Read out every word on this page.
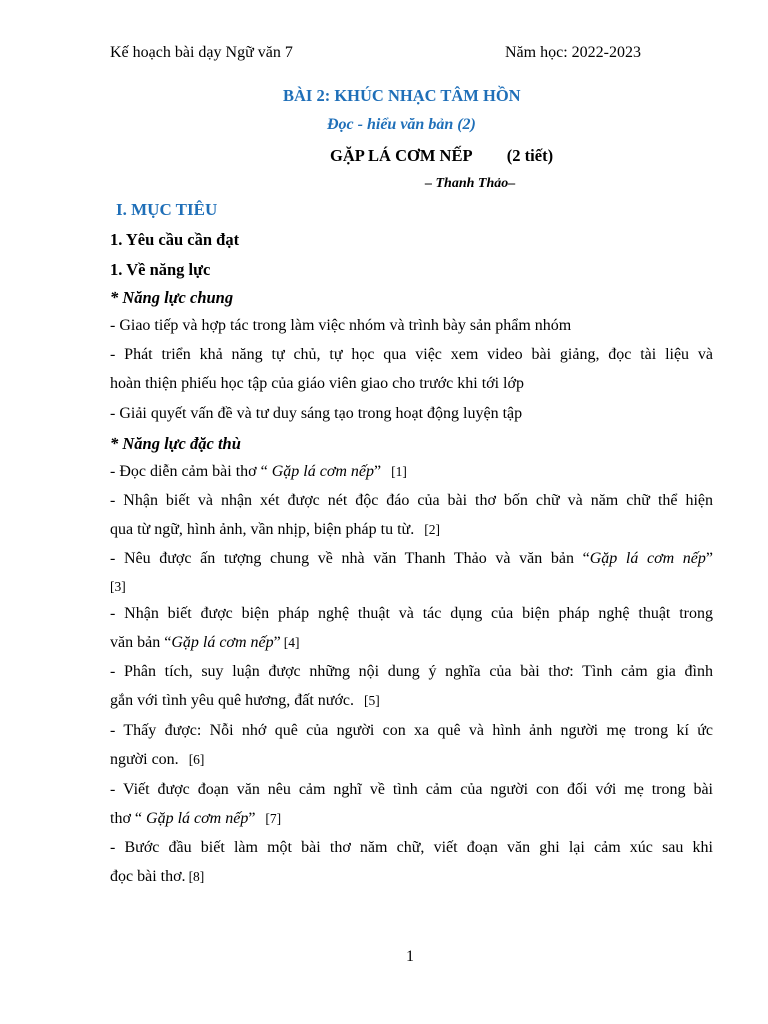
Kế hoạch bài dạy Ngữ văn 7	Năm học: 2022-2023
BÀI 2: KHÚC NHẠC TÂM HỒN
Đọc - hiểu văn bản (2)
GẶP LÁ CƠM NẾP (2 tiết)
– Thanh Thảo–
I. MỤC TIÊU
1. Yêu cầu cần đạt
1. Về năng lực
* Năng lực chung
- Giao tiếp và hợp tác trong làm việc nhóm và trình bày sản phẩm nhóm
- Phát triển khả năng tự chủ, tự học qua việc xem video bài giảng, đọc tài liệu và
hoàn thiện phiếu học tập của giáo viên giao cho trước khi tới lớp
- Giải quyết vấn đề và tư duy sáng tạo trong hoạt động luyện tập
* Năng lực đặc thù
- Đọc diễn cảm bài thơ “ Gặp lá cơm nếp” [1]
- Nhận biết và nhận xét được nét độc đáo của bài thơ bốn chữ và năm chữ thể hiện
qua từ ngữ, hình ảnh, vần nhịp, biện pháp tu từ. [2]
- Nêu được ấn tượng chung về nhà văn Thanh Thảo và văn bản “Gặp lá cơm nếp”
[3]
- Nhận biết được biện pháp nghệ thuật và tác dụng của biện pháp nghệ thuật trong
văn bản “Gặp lá cơm nếp” [4]
- Phân tích, suy luận được những nội dung ý nghĩa của bài thơ: Tình cảm gia đình
gắn với tình yêu quê hương, đất nước. [5]
- Thấy được: Nỗi nhớ quê của người con xa quê và hình ảnh người mẹ trong kí ức
người con. [6]
- Viết được đoạn văn nêu cảm nghĩ về tình cảm của người con đối với mẹ trong bài
thơ “ Gặp lá cơm nếp” [7]
- Bước đầu biết làm một bài thơ năm chữ, viết đoạn văn ghi lại cảm xúc sau khi
đọc bài thơ. [8]
1
